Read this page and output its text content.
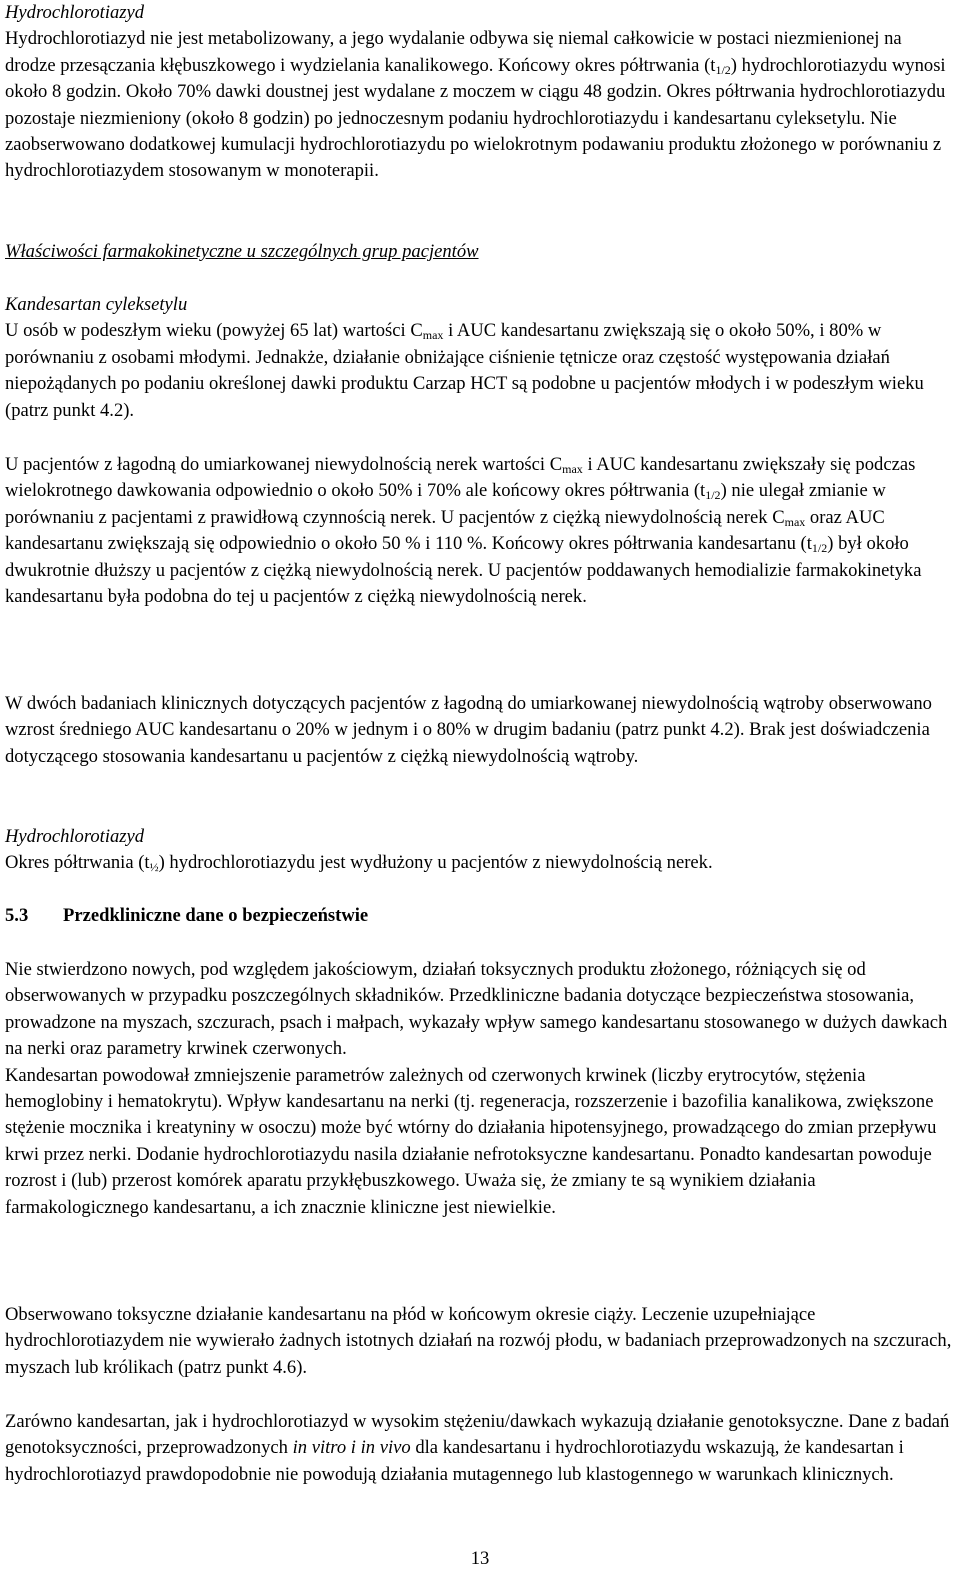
Hydrochlorotiazyd

Hydrochlorotiazyd nie jest metabolizowany, a jego wydalanie odbywa się niemal całkowicie w postaci niezmienionej na drodze przesączania kłębuszkowego i wydzielania kanalikowego. Końcowy okres półtrwania $(t_{1/2})$ hydrochlorotiazydu wynosi około 8 godzin. Około 70% dawki doustnej jest wydalane z moczem w ciągu 48 godzin. Okres półtrwania hydrochlorotiazydu pozostaje niezmieniony (około 8 godzin) po jednoczesnym podaniu hydrochlorotiazydu i kandesartanu cyleksetylu. Nie zaobserwowano dodatkowej kumulacji hydrochlorotiazydu po wielokrotnym podawaniu produktu złożonego w porównaniu z hydrochlorotiazydem stosowanym w monoterapii.

Właściwości farmakokinetyczne u szczególnych grup pacjentów

Kandesartan cyleksetylu

U osób w podeszłym wieku (powyżej 65 lat) wartości $C_{max}$ i AUC kandesartanu zwiększają się o około 50%, i 80% w porównaniu z osobami młodymi. Jednakże, działanie obniżające ciśnienie tętnicze oraz częstość występowania działań niepożądanych po podaniu określonej dawki produktu Carzap HCT są podobne u pacjentów młodych i w podeszłym wieku (patrz punkt 4.2).

U pacjentów z łagodną do umiarkowanej niewydolnością nerek wartości $C_{max}$ i AUC kandesartanu zwiększały się podczas wielokrotnego dawkowania odpowiednio o około 50% i 70% ale końcowy okres półtrwania $(t_{1/2})$ nie ulegał zmianie w porównaniu z pacjentami z prawidłową czynnością nerek. U pacjentów z ciężką niewydolnością nerek $C_{max}$ oraz AUC kandesartanu zwiększają się odpowiednio o około 50 % i 110 %. Końcowy okres półtrwania kandesartanu $(t_{1/2})$ był około dwukrotnie dłuższy u pacjentów z ciężką niewydolnością nerek. U pacjentów poddawanych hemodializie farmakokinetyka kandesartanu była podobna do tej u pacjentów z ciężką niewydolnością nerek.

W dwóch badaniach klinicznych dotyczących pacjentów z łagodną do umiarkowanej niewydolnością wątroby obserwowano wzrost średniego AUC kandesartanu o 20% w jednym i o 80% w drugim badaniu (patrz punkt 4.2). Brak jest doświadczenia dotyczącego stosowania kandesartanu u pacjentów z ciężką niewydolnością wątroby.

Hydrochlorotiazyd

Okres półtrwania $(t_{\frac{1}{2}})$ hydrochlorotiazydu jest wydłużony u pacjentów z niewydolnością nerek.

5.3 Przedkliniczne dane o bezpieczeństwie

Nie stwierdzono nowych, pod względem jakościowym, działań toksycznych produktu złożonego, różniących się od obserwowanych w przypadku poszczególnych składników. Przedkliniczne badania dotyczące bezpieczeństwa stosowania, prowadzone na myszach, szczurach, psach i małpach, wykazały wpływ samego kandesartanu stosowanego w dużych dawkach na nerki oraz parametry krwinek czerwonych.

Kandesartan powodował zmniejszenie parametrów zależnych od czerwonych krwinek (liczby erytrocytów, stężenia hemoglobiny i hematokrytu). Wpływ kandesartanu na nerki (tj. regeneracja, rozszerzenie i bazofilia kanalikowa, zwiększone stężenie mocznika i kreatyniny w osoczu) może być wtórny do działania hipotensyjnego, prowadzącego do zmian przepływu krwi przez nerki. Dodanie hydrochlorotiazydu nasila działanie nefrotoksyczne kandesartanu. Ponadto kandesartan powoduje rozrost i (lub) przerost komórek aparatu przykłębuszkowego. Uważa się, że zmiany te są wynikiem działania farmakologicznego kandesartanu, a ich znacznie kliniczne jest niewielkie.

Obserwowano toksyczne działanie kandesartanu na płód w końcowym okresie ciąży. Leczenie uzupełniające hydrochlorotiazydem nie wywierało żadnych istotnych działań na rozwój płodu, w badaniach przeprowadzonych na szczurach, myszach lub królikach (patrz punkt 4.6).

Zarówno kandesartan, jak i hydrochlorotiazyd w wysokim stężeniu/dawkach wykazują działanie genotoksyczne. Dane z badań genotoksyczności, przeprowadzonych in vitro i in vivo dla kandesartanu i hydrochlorotiazydu wskazują, że kandesartan i hydrochlorotiazyd prawdopodobnie nie powodują działania mutagennego lub klastogennego w warunkach klinicznych.

13
